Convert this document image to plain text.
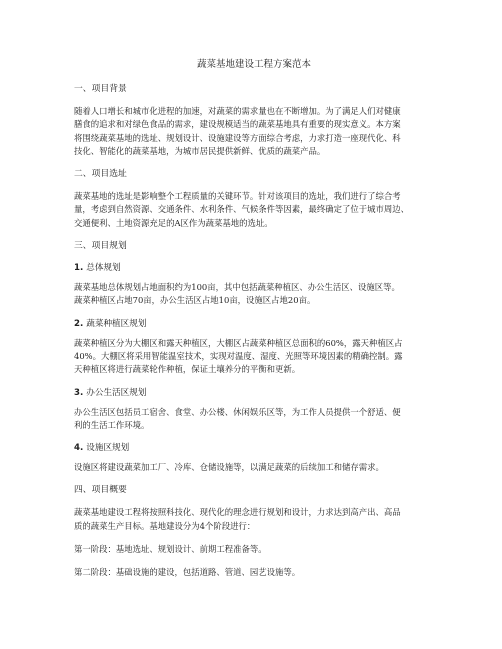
蔬菜基地建设工程方案范本
一、项目背景
随着人口增长和城市化进程的加速，对蔬菜的需求量也在不断增加。为了满足人们对健康
膳食的追求和对绿色食品的需求，建设规模适当的蔬菜基地具有重要的现实意义。本方案
将围绕蔬菜基地的选址、规划设计、设施建设等方面综合考虑，力求打造一座现代化、科
技化、智能化的蔬菜基地，为城市居民提供新鲜、优质的蔬菜产品。
二、项目选址
蔬菜基地的选址是影响整个工程质量的关键环节。针对该项目的选址，我们进行了综合考
量，考虑到自然资源、交通条件、水利条件、气候条件等因素，最终确定了位于城市周边、
交通便利、土地资源充足的A区作为蔬菜基地的选址。
三、项目规划
1. 总体规划
蔬菜基地总体规划占地面积约为100亩，其中包括蔬菜种植区、办公生活区、设施区等。
蔬菜种植区占地70亩，办公生活区占地10亩，设施区占地20亩。
2. 蔬菜种植区规划
蔬菜种植区分为大棚区和露天种植区，大棚区占蔬菜种植区总面积的60%，露天种植区占
40%。大棚区将采用智能温室技术，实现对温度、湿度、光照等环境因素的精确控制。露
天种植区将进行蔬菜轮作种植，保证土壤养分的平衡和更新。
3. 办公生活区规划
办公生活区包括员工宿舍、食堂、办公楼、休闲娱乐区等，为工作人员提供一个舒适、便
利的生活工作环境。
4. 设施区规划
设施区将建设蔬菜加工厂、冷库、仓储设施等，以满足蔬菜的后续加工和储存需求。
四、项目概要
蔬菜基地建设工程将按照科技化、现代化的理念进行规划和设计，力求达到高产出、高品
质的蔬菜生产目标。基地建设分为4个阶段进行：
第一阶段：基地选址、规划设计、前期工程准备等。
第二阶段：基础设施的建设，包括道路、管道、园艺设施等。
